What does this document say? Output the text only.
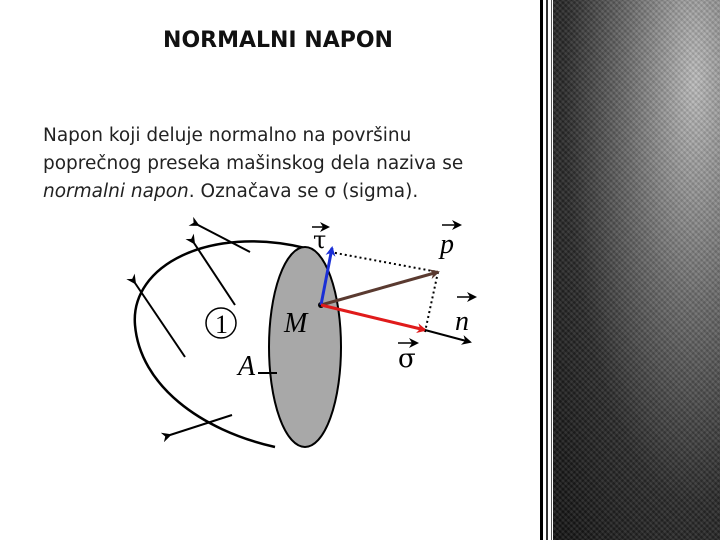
NORMALNI NAPON
Napon koji deluje normalno na površinu poprečnog preseka mašinskog dela naziva se normalni napon. Označava se σ (sigma).
1
A
M
τ	p
n
σ
